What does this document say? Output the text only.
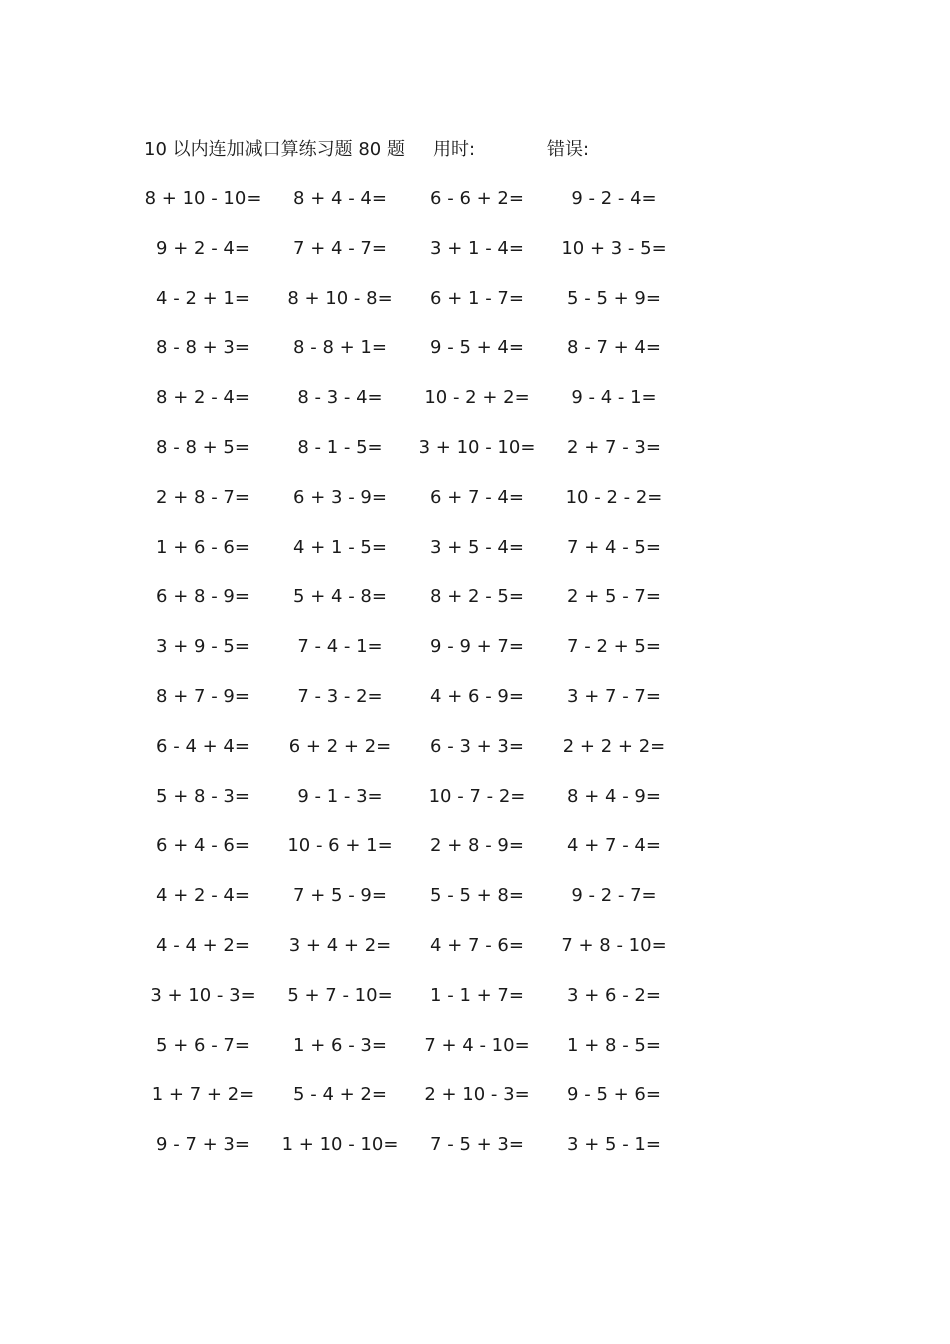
10 以内连加减口算练习题 80 题 用时:	错误:
8 + 10 - 10=	8 + 4 - 4=	6 - 6 + 2=	9 - 2 - 4=
9 + 2 - 4=	7 + 4 - 7=	3 + 1 - 4=	10 + 3 - 5=
4 - 2 + 1=	8 + 10 - 8=	6 + 1 - 7=	5 - 5 + 9=
8 - 8 + 3=	8 - 8 + 1=	9 - 5 + 4=	8 - 7 + 4=
8 + 2 - 4=	8 - 3 - 4=	10 - 2 + 2=	9 - 4 - 1=
8 - 8 + 5=	8 - 1 - 5=	3 + 10 - 10=	2 + 7 - 3=
2 + 8 - 7=	6 + 3 - 9=	6 + 7 - 4=	10 - 2 - 2=
1 + 6 - 6=	4 + 1 - 5=	3 + 5 - 4=	7 + 4 - 5=
6 + 8 - 9=	5 + 4 - 8=	8 + 2 - 5=	2 + 5 - 7=
3 + 9 - 5=	7 - 4 - 1=	9 - 9 + 7=	7 - 2 + 5=
8 + 7 - 9=	7 - 3 - 2=	4 + 6 - 9=	3 + 7 - 7=
6 - 4 + 4=	6 + 2 + 2=	6 - 3 + 3=	2 + 2 + 2=
5 + 8 - 3=	9 - 1 - 3=	10 - 7 - 2=	8 + 4 - 9=
6 + 4 - 6=	10 - 6 + 1=	2 + 8 - 9=	4 + 7 - 4=
4 + 2 - 4=	7 + 5 - 9=	5 - 5 + 8=	9 - 2 - 7=
4 - 4 + 2=	3 + 4 + 2=	4 + 7 - 6=	7 + 8 - 10=
3 + 10 - 3=	5 + 7 - 10=	1 - 1 + 7=	3 + 6 - 2=
5 + 6 - 7=	1 + 6 - 3=	7 + 4 - 10=	1 + 8 - 5=
1 + 7 + 2=	5 - 4 + 2=	2 + 10 - 3=	9 - 5 + 6=
9 - 7 + 3=	1 + 10 - 10=	7 - 5 + 3=	3 + 5 - 1=
